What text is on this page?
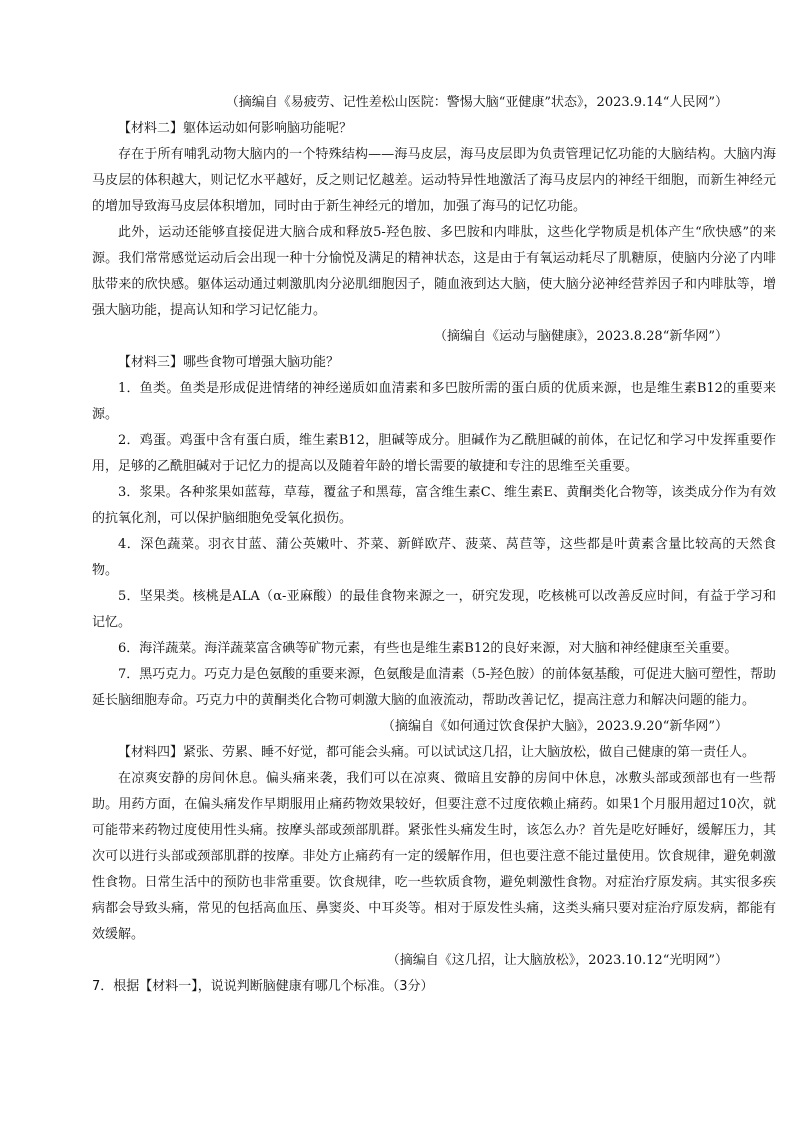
（摘编自《易疲劳、记性差松山医院：警惕大脑“亚健康”状态》，2023.9.14“人民网”）

【材料二】躯体运动如何影响脑功能呢？

存在于所有哺乳动物大脑内的一个特殊结构——海马皮层，海马皮层即为负责管理记忆功能的大脑结构。大脑内海马皮层的体积越大，则记忆水平越好，反之则记忆越差。运动特异性地激活了海马皮层内的神经干细胞，而新生神经元的增加导致海马皮层体积增加，同时由于新生神经元的增加，加强了海马的记忆功能。

此外，运动还能够直接促进大脑合成和释放5-羟色胺、多巴胺和内啡肽，这些化学物质是机体产生“欣快感”的来源。我们常常感觉运动后会出现一种十分愉悦及满足的精神状态，这是由于有氧运动耗尽了肌糖原，使脑内分泌了内啡肽带来的欣快感。躯体运动通过刺激肌肉分泌肌细胞因子，随血液到达大脑，使大脑分泌神经营养因子和内啡肽等，增强大脑功能，提高认知和学习记忆能力。

（摘编自《运动与脑健康》，2023.8.28“新华网”）

【材料三】哪些食物可增强大脑功能？

1．鱼类。鱼类是形成促进情绪的神经递质如血清素和多巴胺所需的蛋白质的优质来源，也是维生素B12的重要来源。

2．鸡蛋。鸡蛋中含有蛋白质，维生素B12，胆碱等成分。胆碱作为乙酰胆碱的前体，在记忆和学习中发挥重要作用，足够的乙酰胆碱对于记忆力的提高以及随着年龄的增长需要的敏捷和专注的思维至关重要。

3．浆果。各种浆果如蓝莓，草莓，覆盆子和黑莓，富含维生素C、维生素E、黄酮类化合物等，该类成分作为有效的抗氧化剂，可以保护脑细胞免受氧化损伤。

4．深色蔬菜。羽衣甘蓝、蒲公英嫩叶、芥菜、新鲜欧芹、菠菜、莴苣等，这些都是叶黄素含量比较高的天然食物。

5．坚果类。核桃是ALA（α-亚麻酸）的最佳食物来源之一，研究发现，吃核桃可以改善反应时间，有益于学习和记忆。

6．海洋蔬菜。海洋蔬菜富含碘等矿物元素，有些也是维生素B12的良好来源，对大脑和神经健康至关重要。

7．黑巧克力。巧克力是色氨酸的重要来源，色氨酸是血清素（5-羟色胺）的前体氨基酸，可促进大脑可塑性，帮助延长脑细胞寿命。巧克力中的黄酮类化合物可刺激大脑的血液流动，帮助改善记忆，提高注意力和解决问题的能力。

（摘编自《如何通过饮食保护大脑》，2023.9.20“新华网”）

【材料四】紧张、劳累、睡不好觉，都可能会头痛。可以试试这几招，让大脑放松，做自己健康的第一责任人。

在凉爽安静的房间休息。偏头痛来袭，我们可以在凉爽、微暗且安静的房间中休息，冰敷头部或颈部也有一些帮助。用药方面，在偏头痛发作早期服用止痛药物效果较好，但要注意不过度依赖止痛药。如果1个月服用超过10次，就可能带来药物过度使用性头痛。按摩头部或颈部肌群。紧张性头痛发生时，该怎么办？首先是吃好睡好，缓解压力，其次可以进行头部或颈部肌群的按摩。非处方止痛药有一定的缓解作用，但也要注意不能过量使用。饮食规律，避免刺激性食物。日常生活中的预防也非常重要。饮食规律，吃一些软质食物，避免刺激性食物。对症治疗原发病。其实很多疾病都会导致头痛，常见的包括高血压、鼻窦炎、中耳炎等。相对于原发性头痛，这类头痛只要对症治疗原发病，都能有效缓解。

（摘编自《这几招，让大脑放松》，2023.10.12“光明网”）

7．根据【材料一】，说说判断脑健康有哪几个标准。（3分）
